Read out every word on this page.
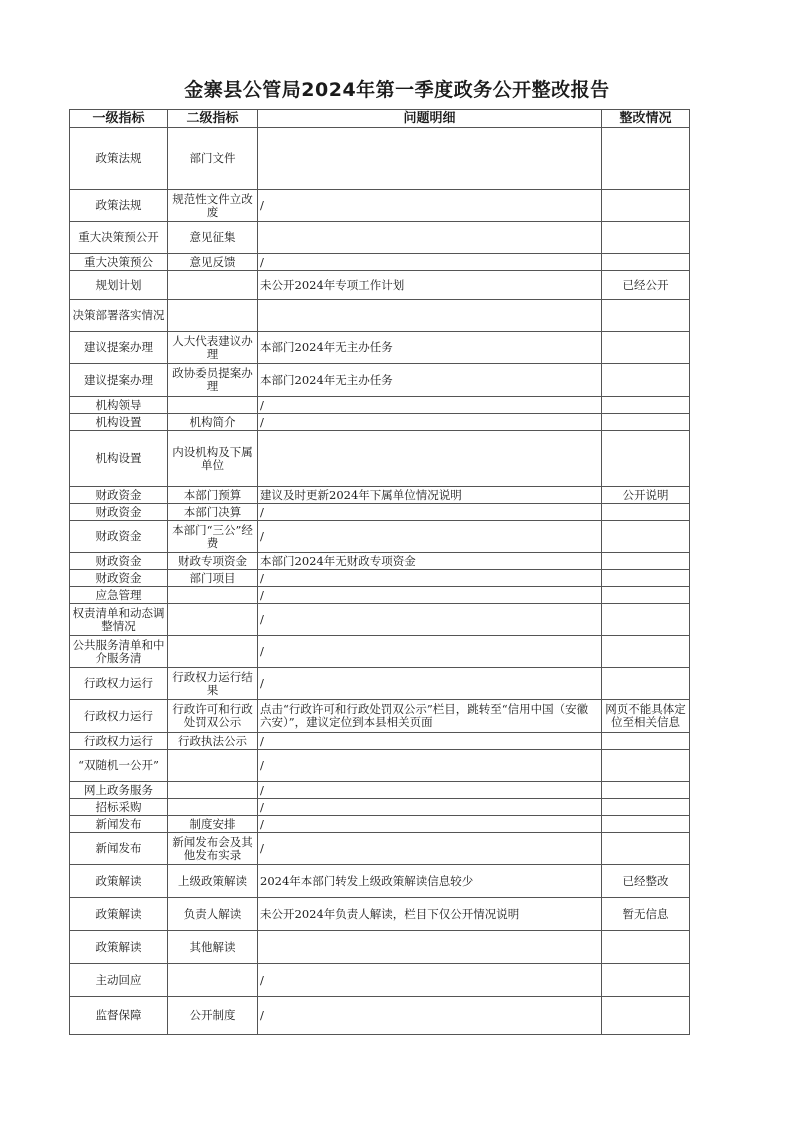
金寨县公管局2024年第一季度政务公开整改报告
一级指标	二级指标	问题明细	整改情况
政策法规	部门文件		
政策法规	规范性文件立改废	/	
重大决策预公开	意见征集		
重大决策预公	意见反馈	/	
规划计划		未公开2024年专项工作计划	已经公开
决策部署落实情况			
建议提案办理	人大代表建议办理	本部门2024年无主办任务	
建议提案办理	政协委员提案办理	本部门2024年无主办任务	
机构领导		/	
机构设置	机构简介	/	
机构设置	内设机构及下属单位		
财政资金	本部门预算	建议及时更新2024年下属单位情况说明	公开说明
财政资金	本部门决算	/	
财政资金	本部门“三公”经费	/	
财政资金	财政专项资金	本部门2024年无财政专项资金	
财政资金	部门项目	/	
应急管理		/	
权责清单和动态调整情况		/	
公共服务清单和中介服务清		/	
行政权力运行	行政权力运行结果	/	
行政权力运行	行政许可和行政处罚双公示	点击“行政许可和行政处罚双公示”栏目，跳转至“信用中国（安徽六安）”，建议定位到本县相关页面	网页不能具体定位至相关信息
行政权力运行	行政执法公示	/	
“双随机一公开”		/	
网上政务服务		/	
招标采购		/	
新闻发布	制度安排	/	
新闻发布	新闻发布会及其他发布实录	/	
政策解读	上级政策解读	2024年本部门转发上级政策解读信息较少	已经整改
政策解读	负责人解读	未公开2024年负责人解读，栏目下仅公开情况说明	暂无信息
政策解读	其他解读		
主动回应		/	
监督保障	公开制度	/	
